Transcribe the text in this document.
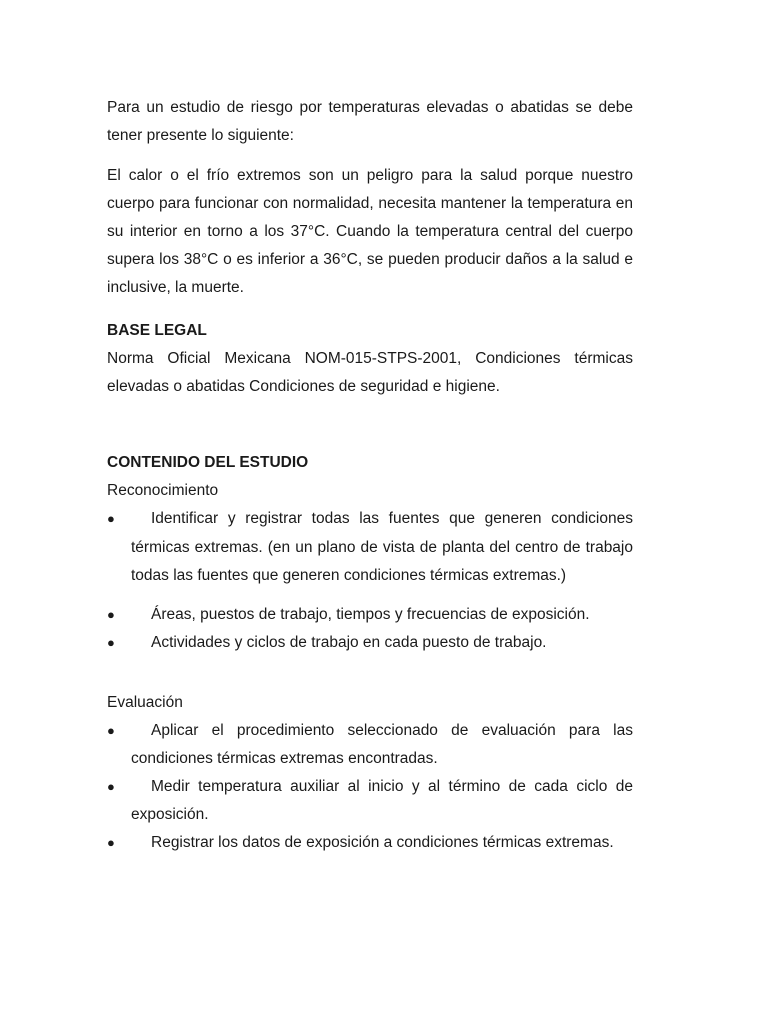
Para un estudio de riesgo por temperaturas elevadas o abatidas se debe tener presente lo siguiente:

El calor o el frío extremos son un peligro para la salud porque nuestro cuerpo para funcionar con normalidad, necesita mantener la temperatura en su interior en torno a los 37°C. Cuando la temperatura central del cuerpo supera los 38°C o es inferior a 36°C, se pueden producir daños a la salud e inclusive, la muerte.

BASE LEGAL

Norma Oficial Mexicana NOM-015-STPS-2001, Condiciones térmicas elevadas o abatidas Condiciones de seguridad e higiene.

CONTENIDO DEL ESTUDIO
Reconocimiento
●	Identificar y registrar todas las fuentes que generen condiciones térmicas extremas. (en un plano de vista de planta del centro de trabajo todas las fuentes que generen condiciones térmicas extremas.)
●	Áreas, puestos de trabajo, tiempos y frecuencias de exposición.
●	Actividades y ciclos de trabajo en cada puesto de trabajo.
Evaluación
●	Aplicar el procedimiento seleccionado de evaluación para las condiciones térmicas extremas encontradas.
●	Medir temperatura auxiliar al inicio y al término de cada ciclo de exposición.
●	Registrar los datos de exposición a condiciones térmicas extremas.
